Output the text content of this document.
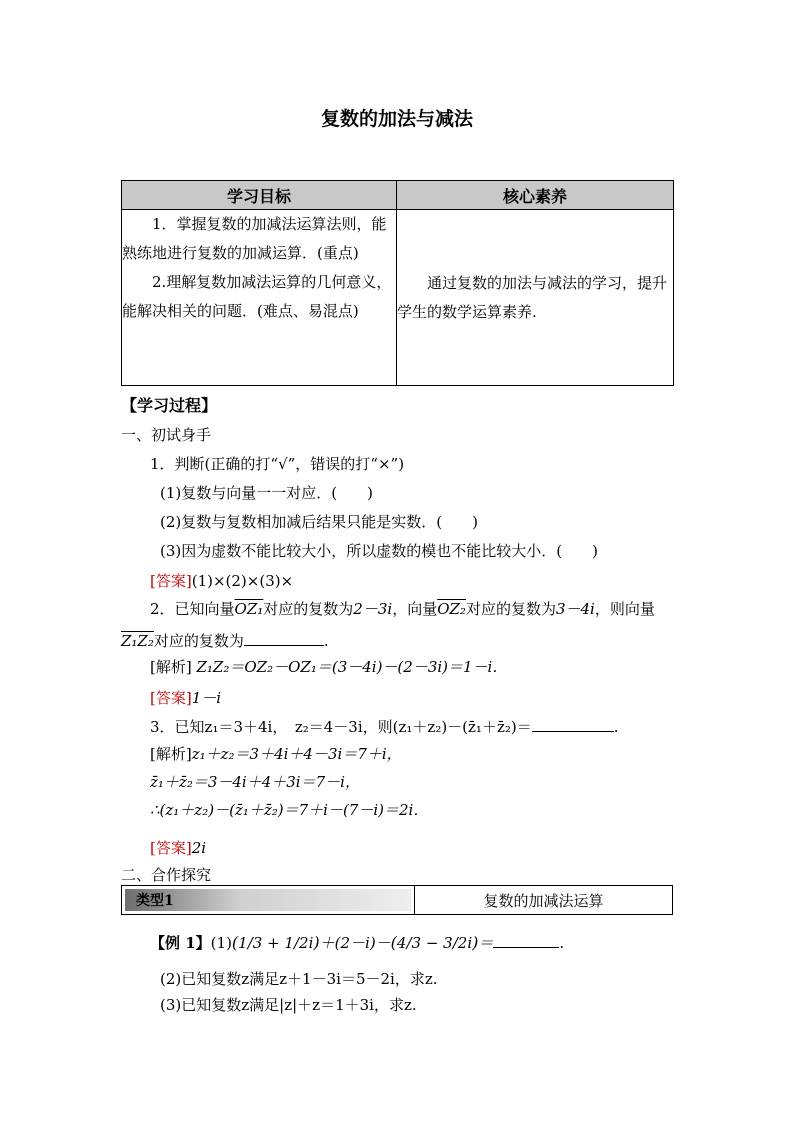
复数的加法与减法
学习目标	核心素养

1．掌握复数的加减法运算法则，能熟练地进行复数的加减运算．(重点)

2.理解复数加减法运算的几何意义，能解决相关的问题．(难点、易混点)	通过复数的加法与减法的学习，提升学生的数学运算素养.

【学习过程】
一、初试身手
1．判断(正确的打“√”，错误的打“×”)
(1)复数与向量一一对应．(　　)
(2)复数与复数相加减后结果只能是实数．(　　)
(3)因为虚数不能比较大小，所以虚数的模也不能比较大小．(　　)
[答案](1)×(2)×(3)×
2．已知向量OZ₁对应的复数为2－3i，向量OZ₂对应的复数为3－4i，则向量
Z₁Z₂对应的复数为	.
[解析] Z₁Z₂＝OZ₂－OZ₁＝(3－4i)－(2－3i)＝1－i．
[答案]1－i
3．已知z₁＝3＋4i，　z₂＝4－3i，则(z₁＋z₂)－(z̄₁＋z̄₂)＝	.
[解析]z₁＋z₂＝3＋4i＋4－3i＝7＋i，
z̄₁＋z̄₂＝3－4i＋4＋3i＝7－i，
∴(z₁＋z₂)－(z̄₁＋z̄₂)＝7＋i－(7－i)＝2i．
[答案]2i
二、合作探究
类型1	复数的加减法运算
【例 1】(1)(1/3 + 1/2i)＋(2－i)－(4/3 − 3/2i)＝	.
(2)已知复数z满足z＋1－3i＝5－2i，求z.
(3)已知复数z满足|z|＋z＝1＋3i，求z.
